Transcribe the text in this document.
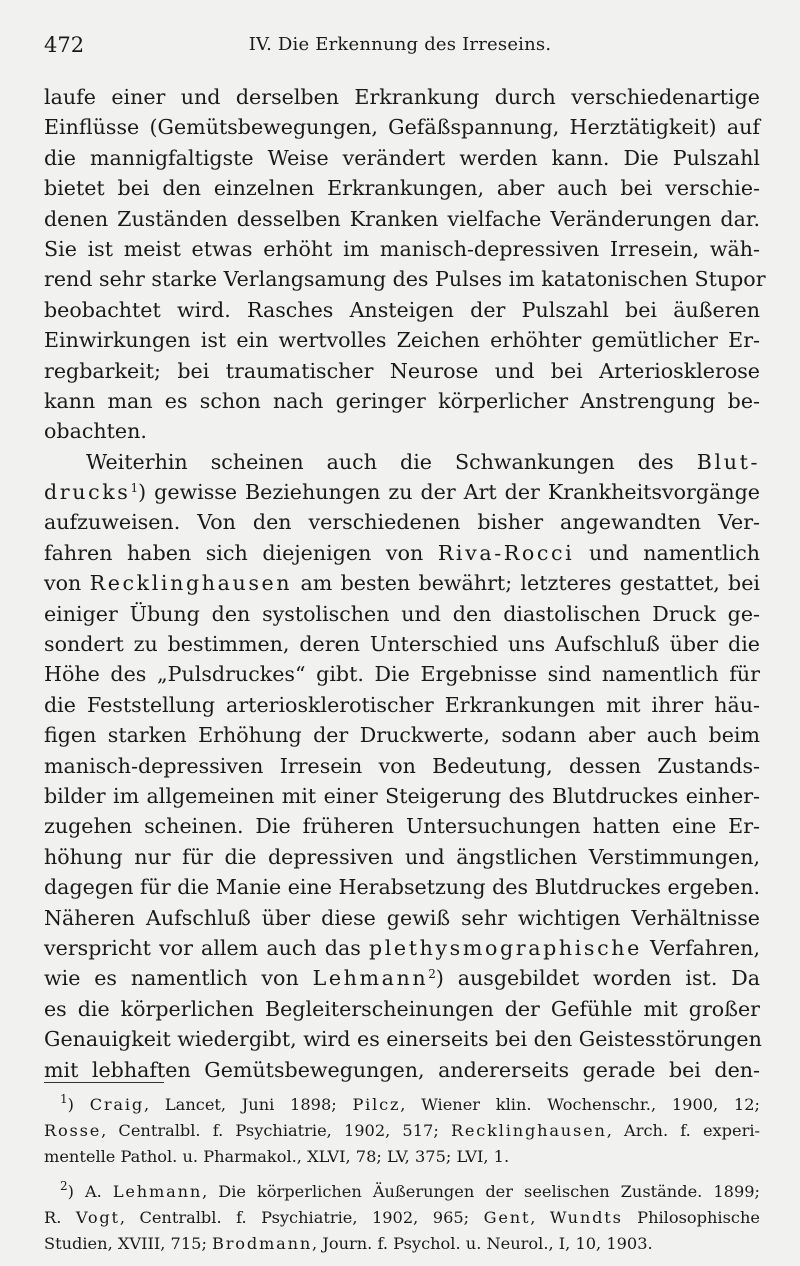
472	IV. Die Erkennung des Irreseins.
laufe einer und derselben Erkrankung durch verschiedenartige
Einflüsse (Gemütsbewegungen, Gefäßspannung, Herztätigkeit) auf
die mannigfaltigste Weise verändert werden kann. Die Pulszahl
bietet bei den einzelnen Erkrankungen, aber auch bei verschie-
denen Zuständen desselben Kranken vielfache Veränderungen dar.
Sie ist meist etwas erhöht im manisch-depressiven Irresein, wäh-
rend sehr starke Verlangsamung des Pulses im katatonischen Stupor
beobachtet wird. Rasches Ansteigen der Pulszahl bei äußeren
Einwirkungen ist ein wertvolles Zeichen erhöhter gemütlicher Er-
regbarkeit; bei traumatischer Neurose und bei Arteriosklerose
kann man es schon nach geringer körperlicher Anstrengung be-
obachten.
Weiterhin scheinen auch die Schwankungen des Blut-
drucks$^1$) gewisse Beziehungen zu der Art der Krankheitsvorgänge
aufzuweisen. Von den verschiedenen bisher angewandten Ver-
fahren haben sich diejenigen von Riva-Rocci und namentlich
von Recklinghausen am besten bewährt; letzteres gestattet, bei
einiger Übung den systolischen und den diastolischen Druck ge-
sondert zu bestimmen, deren Unterschied uns Aufschluß über die
Höhe des „Pulsdruckes“ gibt. Die Ergebnisse sind namentlich für
die Feststellung arteriosklerotischer Erkrankungen mit ihrer häu-
figen starken Erhöhung der Druckwerte, sodann aber auch beim
manisch-depressiven Irresein von Bedeutung, dessen Zustands-
bilder im allgemeinen mit einer Steigerung des Blutdruckes einher-
zugehen scheinen. Die früheren Untersuchungen hatten eine Er-
höhung nur für die depressiven und ängstlichen Verstimmungen,
dagegen für die Manie eine Herabsetzung des Blutdruckes ergeben.
Näheren Aufschluß über diese gewiß sehr wichtigen Verhältnisse
verspricht vor allem auch das plethysmographische Verfahren,
wie es namentlich von Lehmann$^2$) ausgebildet worden ist. Da
es die körperlichen Begleiterscheinungen der Gefühle mit großer
Genauigkeit wiedergibt, wird es einerseits bei den Geistesstörungen
mit lebhaften Gemütsbewegungen, andererseits gerade bei den-
$^1$) Craig, Lancet, Juni 1898; Pilcz, Wiener klin. Wochenschr., 1900, 12;
Rosse, Centralbl. f. Psychiatrie, 1902, 517; Recklinghausen, Arch. f. experi-
mentelle Pathol. u. Pharmakol., XLVI, 78; LV, 375; LVI, 1.
$^2$) A. Lehmann, Die körperlichen Äußerungen der seelischen Zustände. 1899;
R. Vogt, Centralbl. f. Psychiatrie, 1902, 965; Gent, Wundts Philosophische
Studien, XVIII, 715; Brodmann, Journ. f. Psychol. u. Neurol., I, 10, 1903.
